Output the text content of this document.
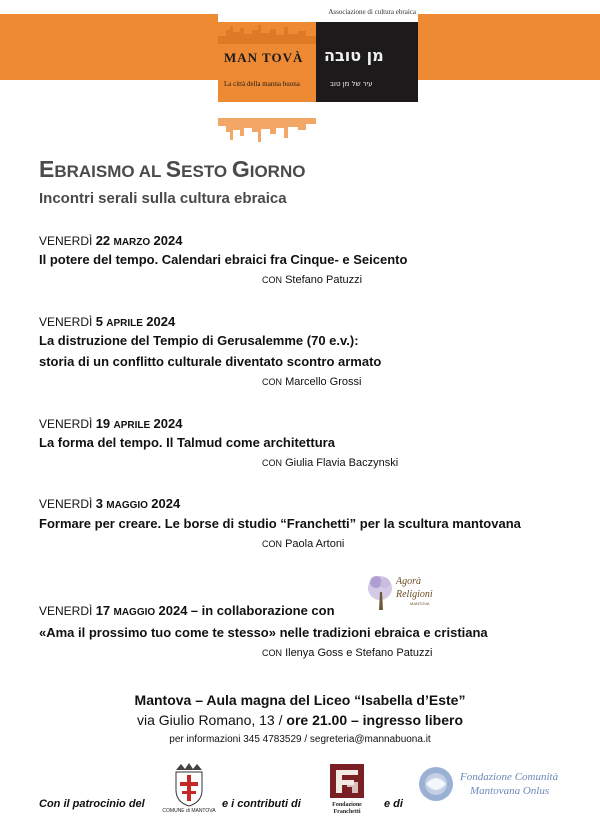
Associazione di cultura ebraica
MAN TOVÀ
La città della manna buona
מן טובה
עיר של מן טוב
EBRAISMO AL SESTO GIORNO
Incontri serali sulla cultura ebraica
VENERDÌ 22 MARZO 2024
Il potere del tempo. Calendari ebraici fra Cinque- e Seicento
CON Stefano Patuzzi
VENERDÌ 5 APRILE 2024
La distruzione del Tempio di Gerusalemme (70 e.v.):
storia di un conflitto culturale diventato scontro armato
CON Marcello Grossi
VENERDÌ 19 APRILE 2024
La forma del tempo. Il Talmud come architettura
CON Giulia Flavia Baczynski
VENERDÌ 3 MAGGIO 2024
Formare per creare. Le borse di studio “Franchetti” per la scultura mantovana
CON Paola Artoni
Agorà
Religioni
MANTOVA
VENERDÌ 17 MAGGIO 2024 – in collaborazione con
«Ama il prossimo tuo come te stesso» nelle tradizioni ebraica e cristiana
CON Ilenya Goss e Stefano Patuzzi
Mantova – Aula magna del Liceo “Isabella d’Este”
via Giulio Romano, 13 / ore 21.00 – ingresso libero
per informazioni 345 4783529 / segreteria@mannabuona.it
Con il patrocinio del
COMUNE di MANTOVA
e i contributi di	Fondazione
Franchetti
e di
Fondazione Comunità
Mantovana Onlus
